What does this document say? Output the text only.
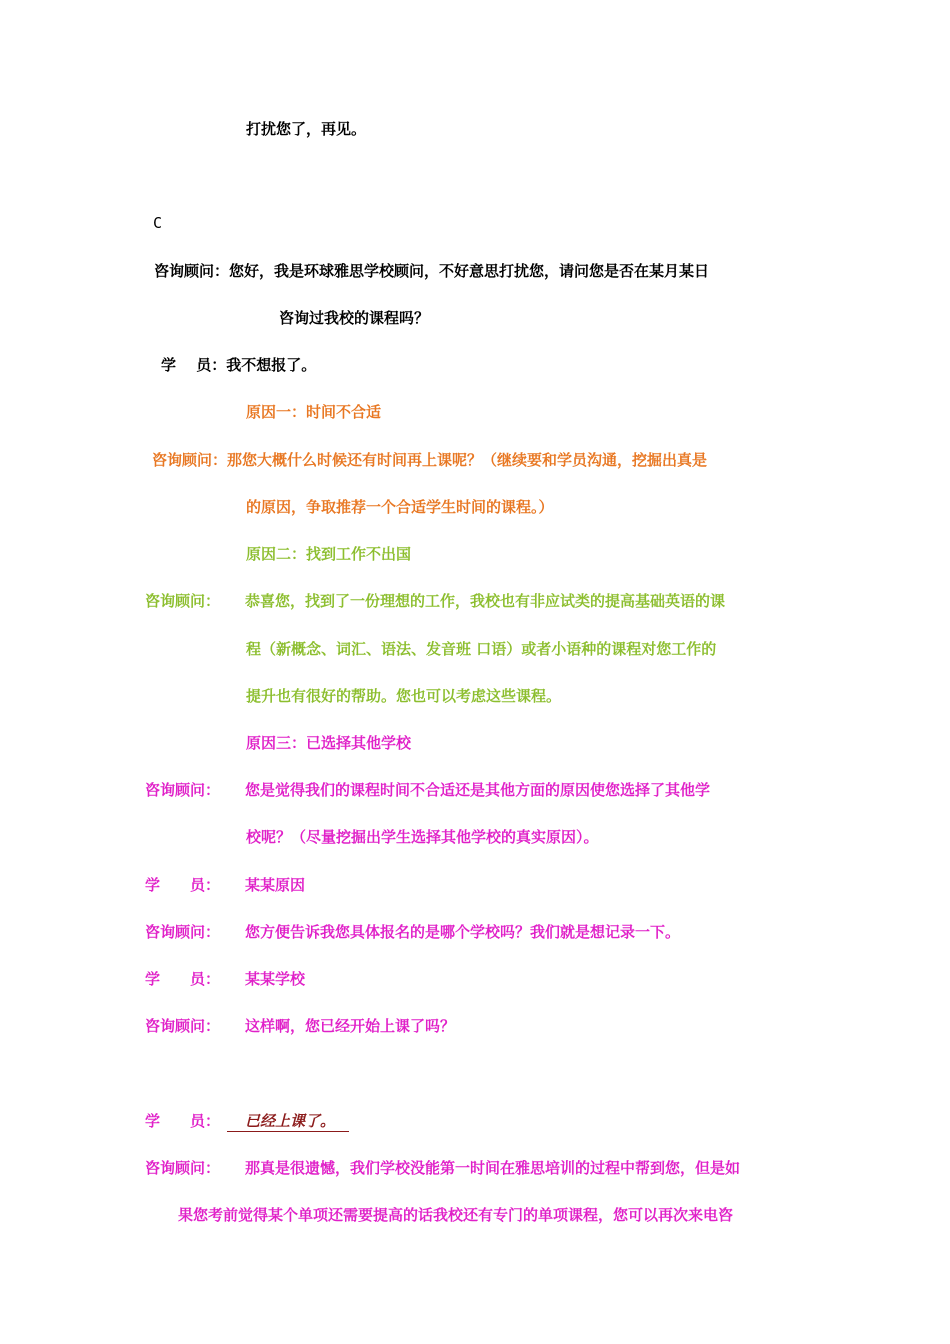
打扰您了，再见。
C
咨询顾问：您好，我是环球雅思学校顾问，不好意思打扰您，请问您是否在某月某日
咨询过我校的课程吗？
学　 员：我不想报了。
原因一：时间不合适
咨询顾问：那您大概什么时候还有时间再上课呢？（继续要和学员沟通，挖掘出真是
的原因，争取推荐一个合适学生时间的课程。）
原因二：找到工作不出国
咨询顾问： 恭喜您，找到了一份理想的工作，我校也有非应试类的提高基础英语的课
程（新概念、词汇、语法、发音班 口语）或者小语种的课程对您工作的
提升也有很好的帮助。您也可以考虑这些课程。
原因三：已选择其他学校
咨询顾问： 您是觉得我们的课程时间不合适还是其他方面的原因使您选择了其他学
校呢？（尽量挖掘出学生选择其他学校的真实原因）。
学　　员： 某某原因
咨询顾问： 您方便告诉我您具体报名的是哪个学校吗？我们就是想记录一下。
学　　员： 某某学校
咨询顾问： 这样啊，您已经开始上课了吗？
学　　员： 已经上课了。
咨询顾问： 那真是很遗憾，我们学校没能第一时间在雅思培训的过程中帮到您，但是如
果您考前觉得某个单项还需要提高的话我校还有专门的单项课程，您可以再次来电咨
